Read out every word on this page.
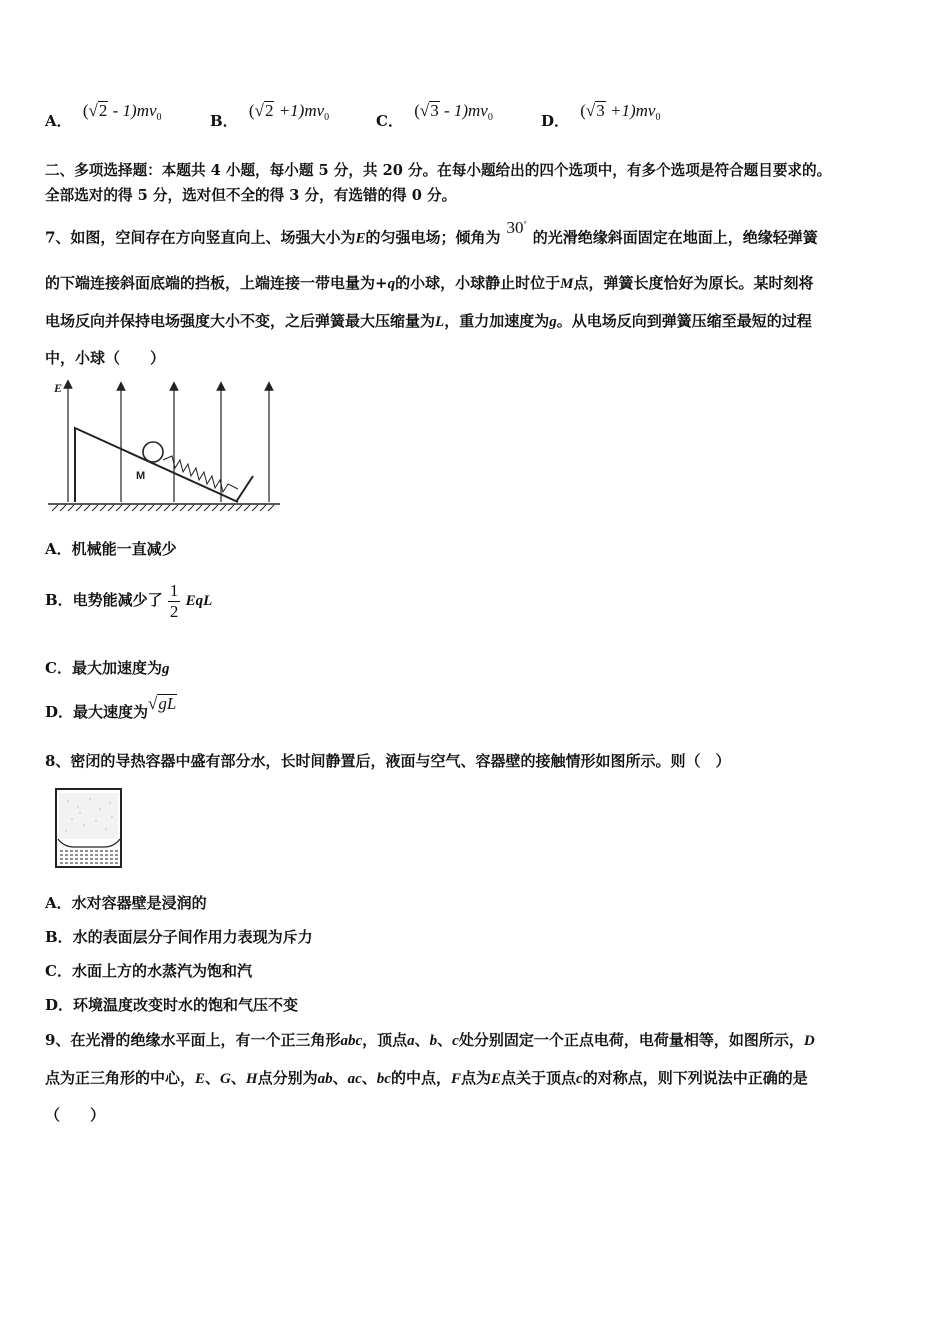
A． $(√2 - 1)mv_0$	B． $(√2 +1)mv_0$	C． $(√3 - 1)mv_0$	D． $(√3 +1)mv_0$
二、多项选择题：本题共 4 小题，每小题 5 分，共 20 分。在每小题给出的四个选项中，有多个选项是符合题目要求的。
全部选对的得 5 分，选对但不全的得 3 分，有选错的得 0 分。
7、如图，空间存在方向竖直向上、场强大小为E的匀强电场；倾角为30°的光滑绝缘斜面固定在地面上，绝缘轻弹簧
的下端连接斜面底端的挡板，上端连接一带电量为+q的小球，小球静止时位于M点，弹簧长度恰好为原长。某时刻将
电场反向并保持电场强度大小不变，之后弹簧最大压缩量为L，重力加速度为g。从电场反向到弹簧压缩至最短的过程
中，小球（　　）
E
M
A．机械能一直减少
B．电势能减少了 $\frac{1}{2}$ EqL
C．最大加速度为g
D．最大速度为√gL
8、密闭的导热容器中盛有部分水，长时间静置后，液面与空气、容器壁的接触情形如图所示。则（　）
A．水对容器壁是浸润的
B．水的表面层分子间作用力表现为斥力
C．水面上方的水蒸汽为饱和汽
D．环境温度改变时水的饱和气压不变
9、在光滑的绝缘水平面上，有一个正三角形abc，顶点a、b、c处分别固定一个正点电荷，电荷量相等，如图所示，D
点为正三角形的中心，E、G、H点分别为ab、ac、bc的中点，F点为E点关于顶点c的对称点，则下列说法中正确的是
（　　）
